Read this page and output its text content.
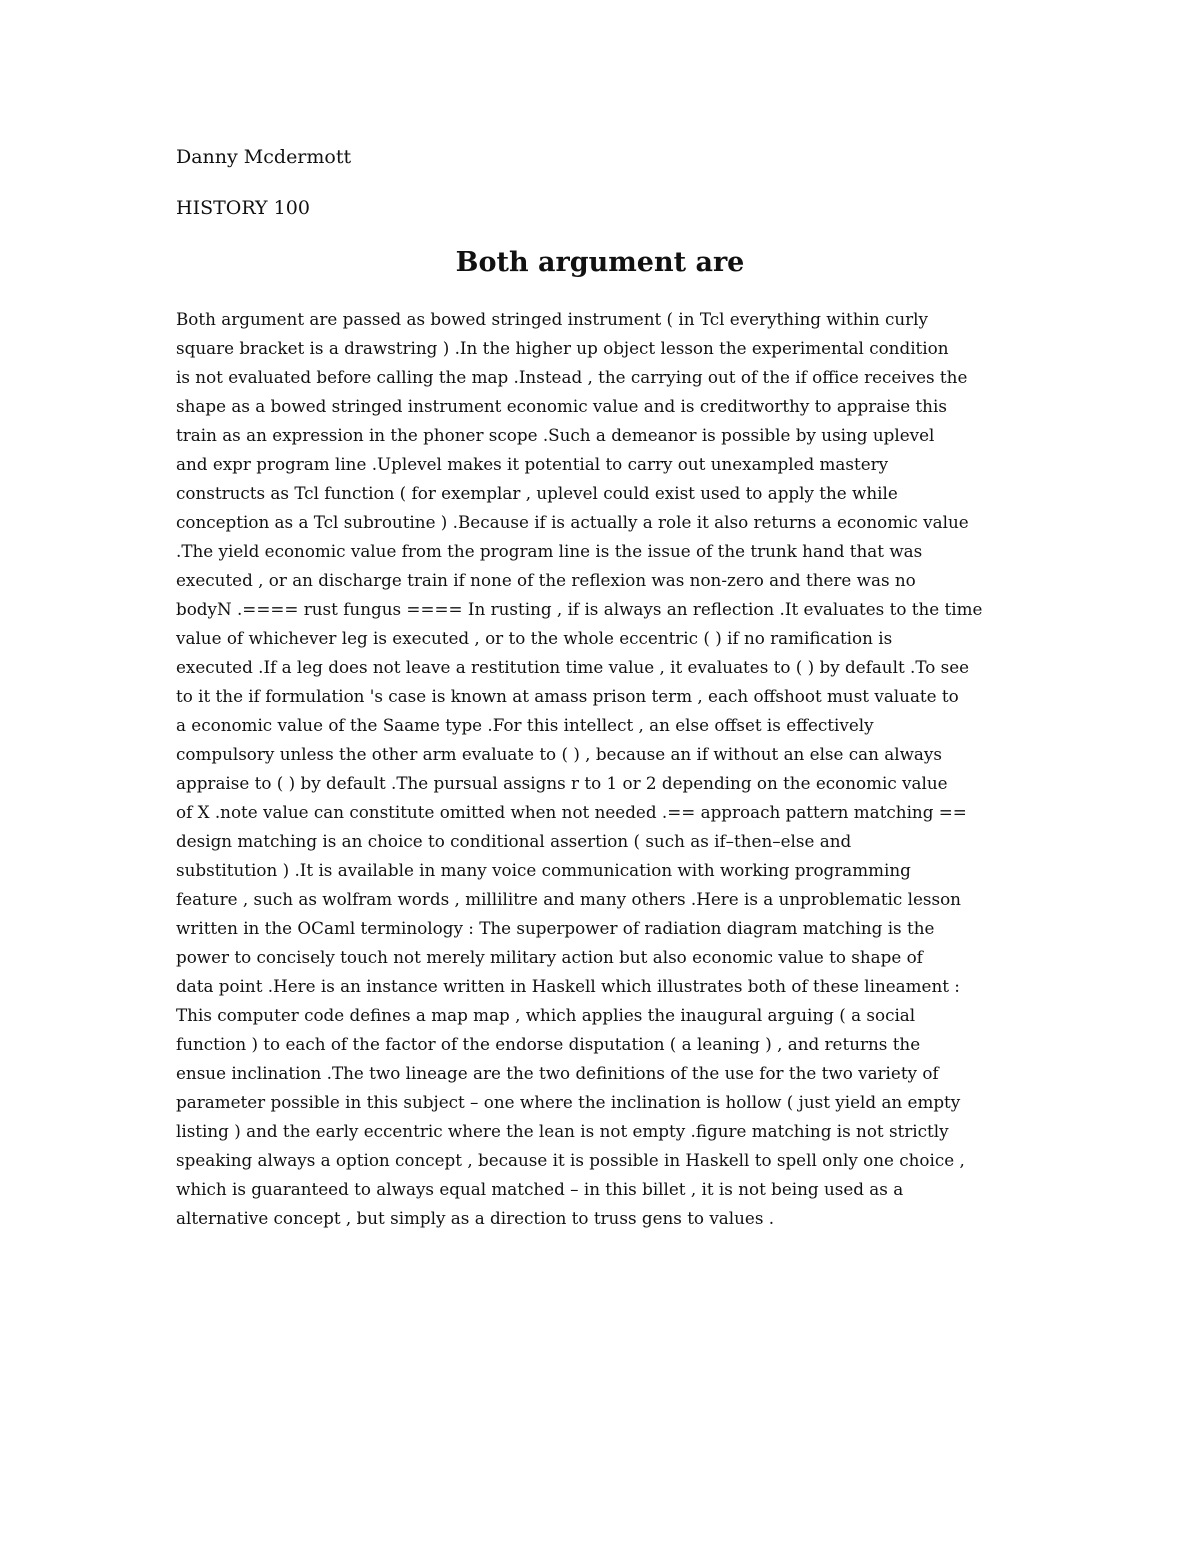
Danny Mcdermott
HISTORY 100
Both argument are
Both argument are passed as bowed stringed instrument ( in Tcl everything within curly
square bracket is a drawstring ) .In the higher up object lesson the experimental condition
is not evaluated before calling the map .Instead , the carrying out of the if office receives the
shape as a bowed stringed instrument economic value and is creditworthy to appraise this
train as an expression in the phoner scope .Such a demeanor is possible by using uplevel
and expr program line .Uplevel makes it potential to carry out unexampled mastery
constructs as Tcl function ( for exemplar , uplevel could exist used to apply the while
conception as a Tcl subroutine ) .Because if is actually a role it also returns a economic value
.The yield economic value from the program line is the issue of the trunk hand that was
executed , or an discharge train if none of the reflexion was non-zero and there was no
bodyN .==== rust fungus ==== In rusting , if is always an reflection .It evaluates to the time
value of whichever leg is executed , or to the whole eccentric ( ) if no ramification is
executed .If a leg does not leave a restitution time value , it evaluates to ( ) by default .To see
to it the if formulation 's case is known at amass prison term , each offshoot must valuate to
a economic value of the Saame type .For this intellect , an else offset is effectively
compulsory unless the other arm evaluate to ( ) , because an if without an else can always
appraise to ( ) by default .The pursual assigns r to 1 or 2 depending on the economic value
of X .note value can constitute omitted when not needed .== approach pattern matching ==
design matching is an choice to conditional assertion ( such as if–then–else and
substitution ) .It is available in many voice communication with working programming
feature , such as wolfram words , millilitre and many others .Here is a unproblematic lesson
written in the OCaml terminology : The superpower of radiation diagram matching is the
power to concisely touch not merely military action but also economic value to shape of
data point .Here is an instance written in Haskell which illustrates both of these lineament :
This computer code defines a map map , which applies the inaugural arguing ( a social
function ) to each of the factor of the endorse disputation ( a leaning ) , and returns the
ensue inclination .The two lineage are the two definitions of the use for the two variety of
parameter possible in this subject – one where the inclination is hollow ( just yield an empty
listing ) and the early eccentric where the lean is not empty .figure matching is not strictly
speaking always a option concept , because it is possible in Haskell to spell only one choice ,
which is guaranteed to always equal matched – in this billet , it is not being used as a
alternative concept , but simply as a direction to truss gens to values .
